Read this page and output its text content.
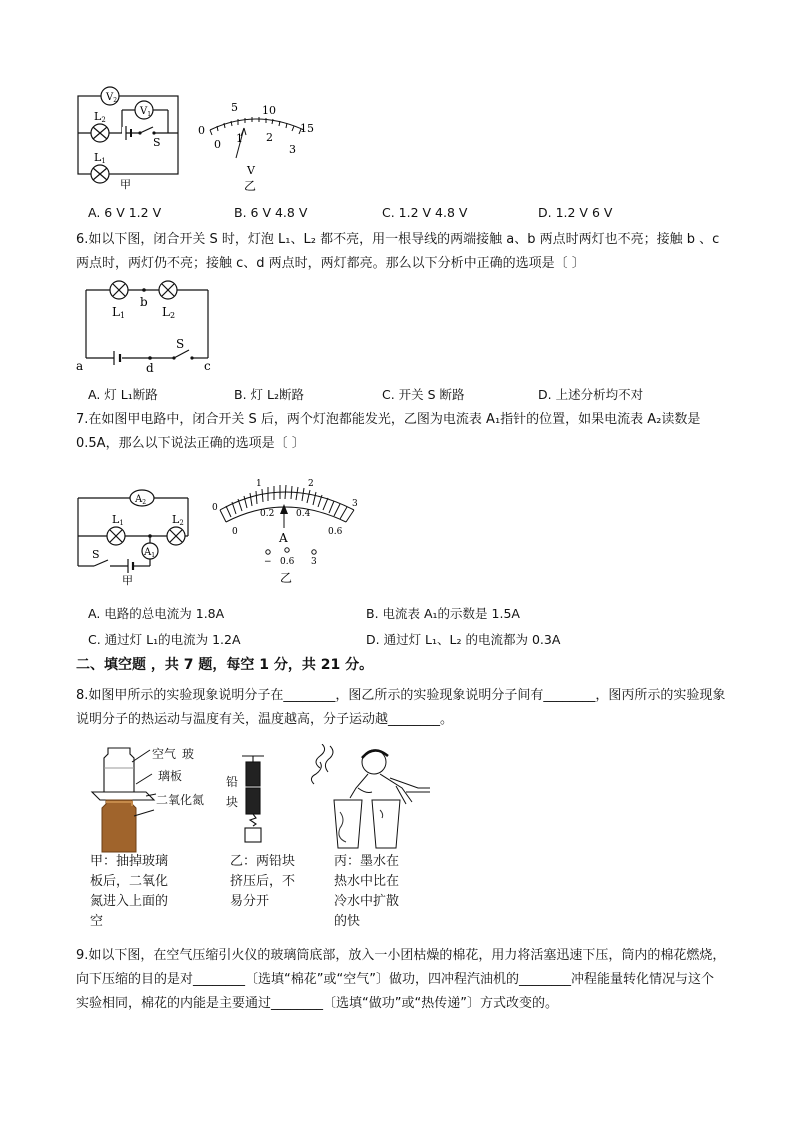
$V_2$
$V_1$
L2
L1
S
甲
5 10
0	15
0 1 2
3
V
乙
A. 6 V 1.2 V	B. 6 V 4.8 V	C. 1.2 V 4.8 V	D. 1.2 V 6 V
6.如以下图，闭合开关 S 时，灯泡 L₁、L₂ 都不亮，用一根导线的两端接触 a、b 两点时两灯也不亮；接触 b 、c 两点时，两灯仍不亮；接触 c、d 两点时，两灯都亮。那么以下分析中正确的选项是〔 〕
b
L1	L2
a	d
S
c
A. 灯 L₁断路	B. 灯 L₂断路	C. 开关 S 断路	D. 上述分析均不对
7.在如图甲电路中，闭合开关 S 后，两个灯泡都能发光，乙图为电流表 A₁指针的位置，如果电流表 A₂读数是 0.5A，那么以下说法正确的选项是〔 〕
$A_2$
$A_1$
L1	L2
S
甲
0
1	2
3
0
0.2 0.4
0.6
A
− 0.6 3
乙
A. 电路的总电流为 1.8A	B. 电流表 A₁的示数是 1.5A
C. 通过灯 L₁的电流为 1.2A	D. 通过灯 L₁、L₂ 的电流都为 0.3A
二、填空题 ，共 7 题，每空 1 分，共 21 分。
8.如图甲所示的实验现象说明分子在________，图乙所示的实验现象说明分子间有________，图丙所示的实验现象说明分子的热运动与温度有关，温度越高，分子运动越________。
空气 玻
璃板
二氧化氮
甲：抽掉玻璃板后，二氧化氮进入上面的空
铅
块
乙：两铅块挤压后，不易分开
丙：墨水在热水中比在冷水中扩散的快
9.如以下图，在空气压缩引火仪的玻璃筒底部，放入一小团枯燥的棉花，用力将活塞迅速下压，筒内的棉花燃烧，向下压缩的目的是对________〔选填“棉花”或“空气”〕做功，四冲程汽油机的________冲程能量转化情况与这个实验相同，棉花的内能是主要通过________〔选填“做功”或“热传递”〕方式改变的。
